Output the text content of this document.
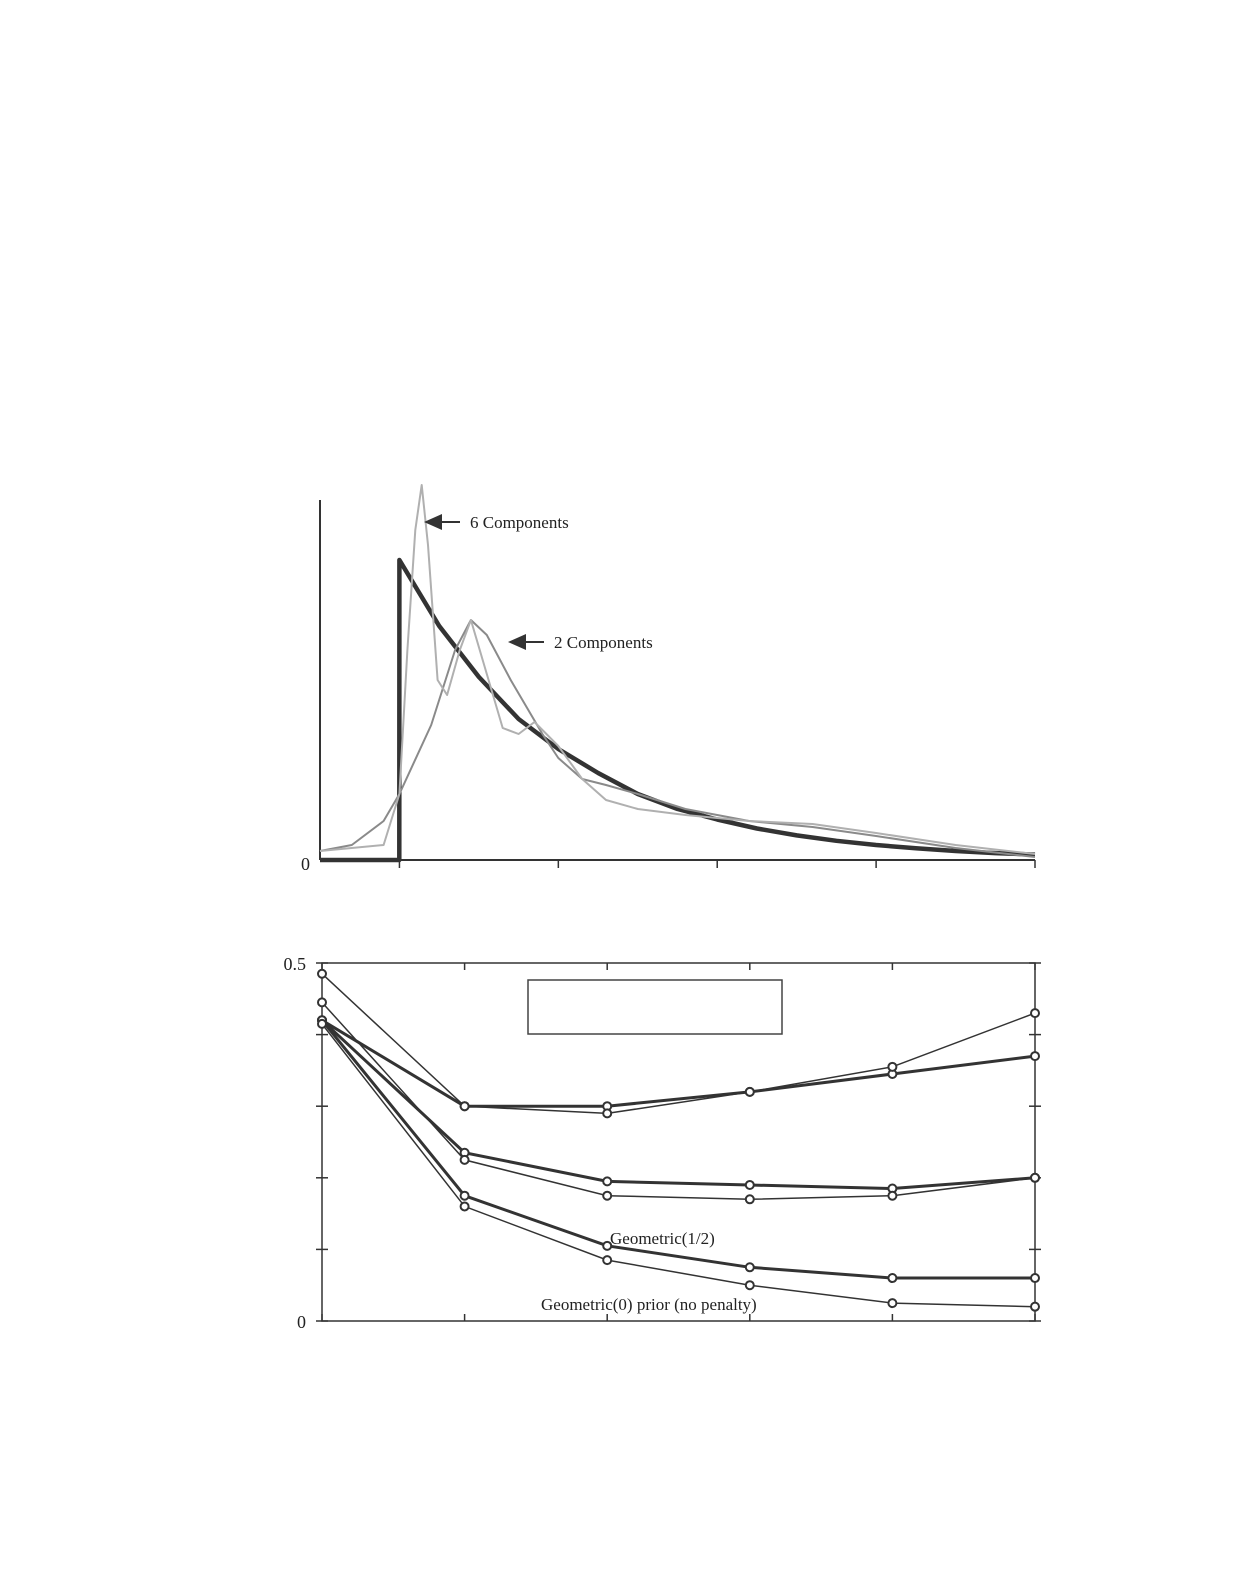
0
6 Components
2 Components
0.5
0
Geometric(1/2)
Geometric(0) prior (no penalty)
